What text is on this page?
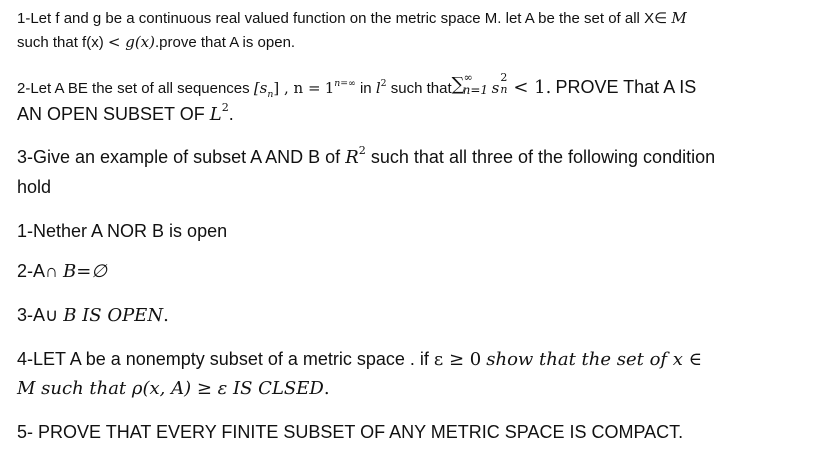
1-Let f and g be a continuous real valued function on the metric space M. let A be the set of all X∈ M
such that f(x) < g(x).prove that A is open.
2-Let A BE the set of all sequences $[s_n]$ , $n = 1^{n=\infty}$ in $l^2$ such that ∑ ∞
n=1 s
2
n < 1. PROVE That A IS
AN OPEN SUBSET OF $L^2$.
3-Give an example of subset A AND B of $R^2$ such that all three of the following condition
hold
1-Nether A NOR B is open
2-A∩ B=∅
3-A∪ B IS OPEN.
4-LET A be a nonempty subset of a metric space . if ε ≥ 0 show that the set of x ∈
M such that ρ(x, A) ≥ ε IS CLSED.
5- PROVE THAT EVERY FINITE SUBSET OF ANY METRIC SPACE IS COMPACT.
